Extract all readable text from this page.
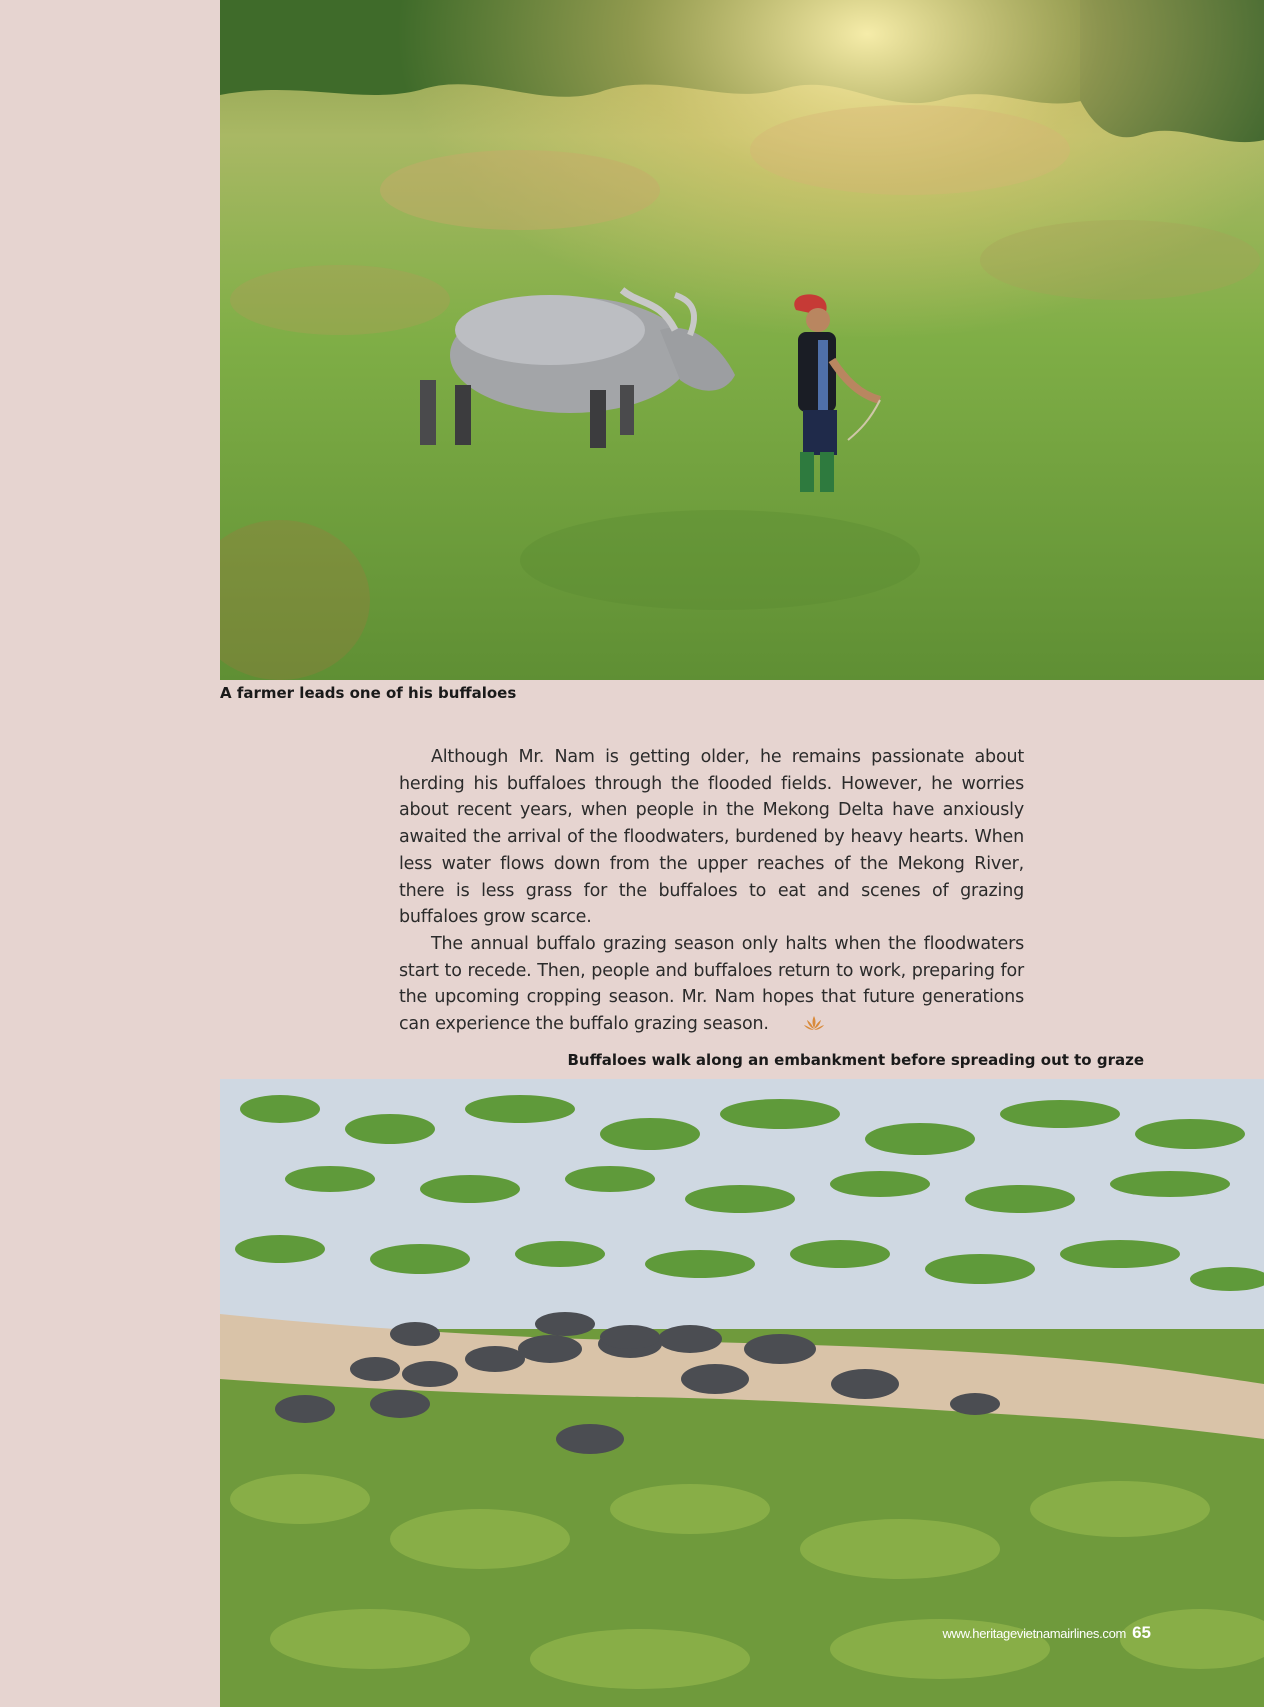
A farmer leads one of his buffaloes

Although Mr. Nam is getting older, he remains passionate about herding his buffaloes through the flooded fields. However, he worries about recent years, when people in the Mekong Delta have anxiously awaited the arrival of the floodwaters, burdened by heavy hearts. When less water flows down from the upper reaches of the Mekong River, there is less grass for the buffaloes to eat and scenes of grazing buffaloes grow scarce.

The annual buffalo grazing season only halts when the floodwaters start to recede. Then, people and buffaloes return to work, preparing for the upcoming cropping season. Mr. Nam hopes that future generations can experience the buffalo grazing season.

Buffaloes walk along an embankment before spreading out to graze
www.heritagevietnamairlines.com 65
